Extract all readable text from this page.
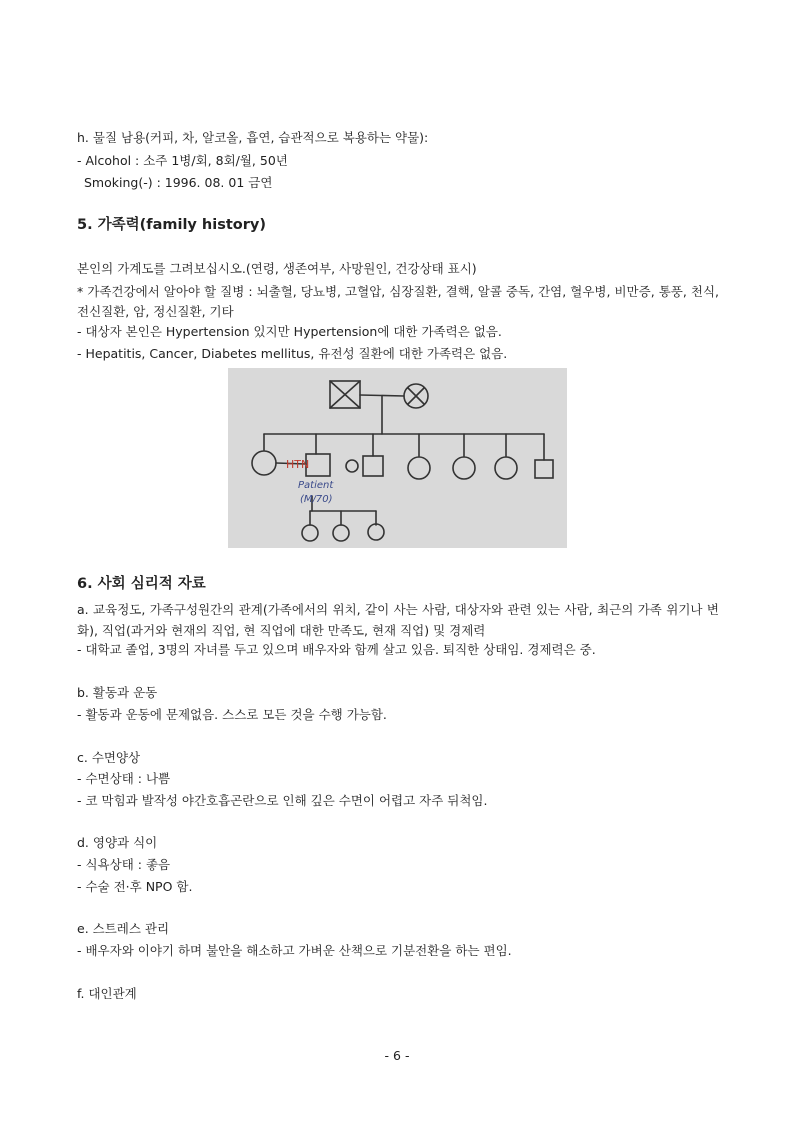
h. 물질 남용(커피, 차, 알코올, 흡연, 습관적으로 복용하는 약물):
- Alcohol : 소주 1병/회, 8회/월, 50년
Smoking(-) : 1996. 08. 01 금연
5. 가족력(family history)
본인의 가계도를 그려보십시오.(연령, 생존여부, 사망원인, 건강상태 표시)
* 가족건강에서 알아야 할 질병 : 뇌출혈, 당뇨병, 고혈압, 심장질환, 결핵, 알콜 중독, 간염, 혈우병, 비만증, 통풍, 천식, 전신질환, 암, 정신질환, 기타
- 대상자 본인은 Hypertension 있지만 Hypertension에 대한 가족력은 없음.
- Hepatitis, Cancer, Diabetes mellitus, 유전성 질환에 대한 가족력은 없음.
HTN
Patient
(M/70)
6. 사회 심리적 자료
a. 교육정도, 가족구성원간의 관계(가족에서의 위치, 같이 사는 사람, 대상자와 관련 있는 사람, 최근의 가족 위기나 변화), 직업(과거와 현재의 직업, 현 직업에 대한 만족도, 현재 직업) 및 경제력
- 대학교 졸업, 3명의 자녀를 두고 있으며 배우자와 함께 살고 있음. 퇴직한 상태임. 경제력은 중.
b. 활동과 운동
- 활동과 운동에 문제없음. 스스로 모든 것을 수행 가능함.
c. 수면양상
- 수면상태 : 나쁨
- 코 막힘과 발작성 야간호흡곤란으로 인해 깊은 수면이 어렵고 자주 뒤척임.
d. 영양과 식이
- 식욕상태 : 좋음
- 수술 전·후 NPO 함.
e. 스트레스 관리
- 배우자와 이야기 하며 불안을 해소하고 가벼운 산책으로 기분전환을 하는 편임.
f. 대인관계
- 6 -
